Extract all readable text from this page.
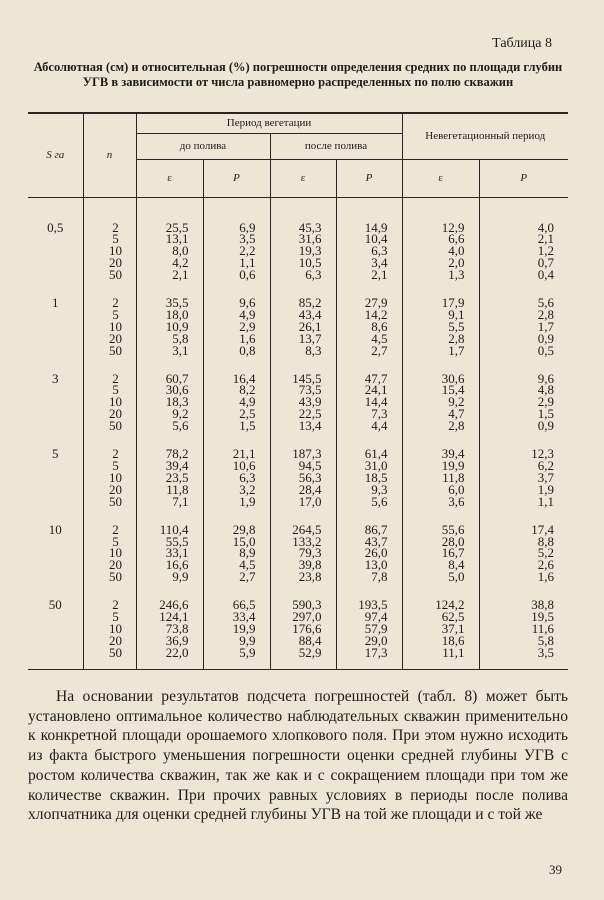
Таблица 8
Абсолютная (см) и относительная (%) погрешности определения средних по площади глубин УГВ в зависимости от числа равномерно распределенных по полю скважин
S га	n	Период вегетации				Невегетационный период	
		до полива		после полива			
		ε	P	ε	P	ε	P

0,5	2	25,5	6,9	45,3	14,9	12,9	4,0
	5	13,1	3,5	31,6	10,4	6,6	2,1
	10	8,0	2,2	19,3	6,3	4,0	1,2
	20	4,2	1,1	10,5	3,4	2,0	0,7
	50	2,1	0,6	6,3	2,1	1,3	0,4

1	2	35,5	9,6	85,2	27,9	17,9	5,6
	5	18,0	4,9	43,4	14,2	9,1	2,8
	10	10,9	2,9	26,1	8,6	5,5	1,7
	20	5,8	1,6	13,7	4,5	2,8	0,9
	50	3,1	0,8	8,3	2,7	1,7	0,5

3	2	60,7	16,4	145,5	47,7	30,6	9,6
	5	30,6	8,2	73,5	24,1	15,4	4,8
	10	18,3	4,9	43,9	14,4	9,2	2,9
	20	9,2	2,5	22,5	7,3	4,7	1,5
	50	5,6	1,5	13,4	4,4	2,8	0,9

5	2	78,2	21,1	187,3	61,4	39,4	12,3
	5	39,4	10,6	94,5	31,0	19,9	6,2
	10	23,5	6,3	56,3	18,5	11,8	3,7
	20	11,8	3,2	28,4	9,3	6,0	1,9
	50	7,1	1,9	17,0	5,6	3,6	1,1

10	2	110,4	29,8	264,5	86,7	55,6	17,4
	5	55,5	15,0	133,2	43,7	28,0	8,8
	10	33,1	8,9	79,3	26,0	16,7	5,2
	20	16,6	4,5	39,8	13,0	8,4	2,6
	50	9,9	2,7	23,8	7,8	5,0	1,6

50	2	246,6	66,5	590,3	193,5	124,2	38,8
	5	124,1	33,4	297,0	97,4	62,5	19,5
	10	73,8	19,9	176,6	57,9	37,1	11,6
	20	36,9	9,9	88,4	29,0	18,6	5,8
	50	22,0	5,9	52,9	17,3	11,1	3,5

На основании результатов подсчета погрешностей (табл. 8) может быть установлено оптимальное количество наблюдательных скважин применительно к конкретной площади орошаемого хлопкового поля. При этом нужно исходить из факта быстрого уменьшения погрешности оценки средней глубины УГВ с ростом количества скважин, так же как и с сокращением площади при том же количестве скважин. При прочих равных условиях в периоды после полива хлопчатника для оценки средней глубины УГВ на той же площади и с той же

39
